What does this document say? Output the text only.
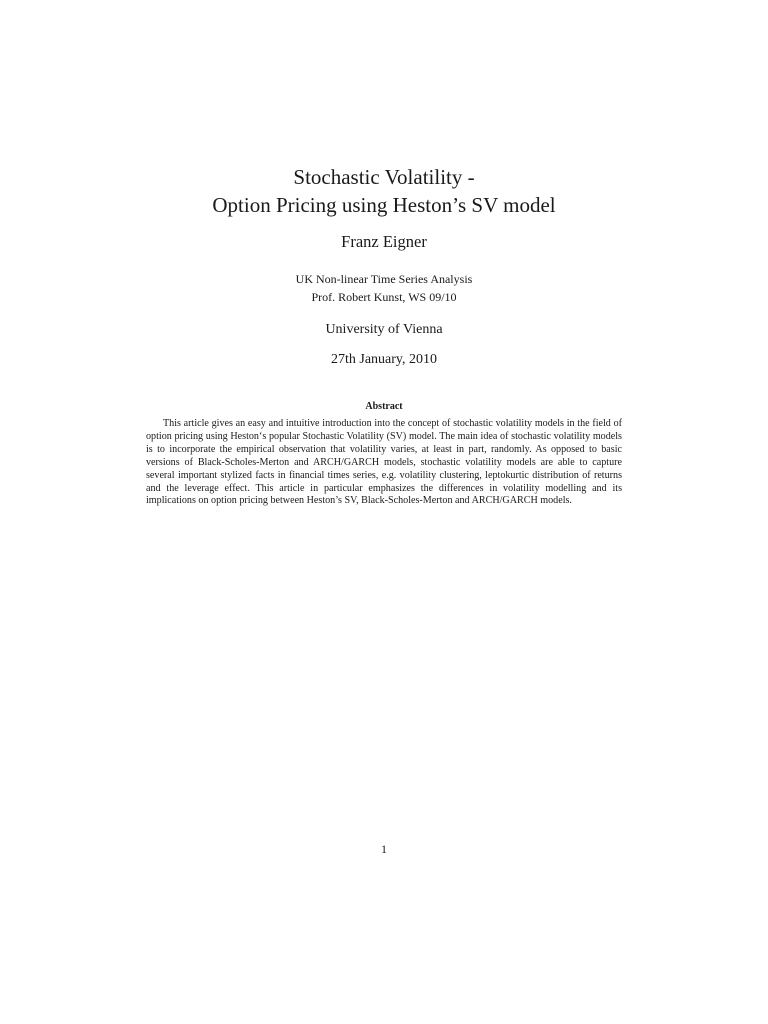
Stochastic Volatility -

Option Pricing using Heston’s SV model

Franz Eigner
UK Non-linear Time Series Analysis
Prof. Robert Kunst, WS 09/10
University of Vienna
27th January, 2010
Abstract

This article gives an easy and intuitive introduction into the concept of stochastic volatility models in the field of option pricing using Heston‘s popular Stochastic Volatility (SV) model. The main idea of stochastic volatility models is to incorporate the empirical observation that volatility varies, at least in part, randomly. As opposed to basic versions of Black-Scholes-Merton and ARCH/GARCH models, stochastic volatility models are able to capture several important stylized facts in financial times series, e.g. volatility clustering, leptokurtic distribution of returns and the leverage effect. This article in particular emphasizes the differences in volatility modelling and its implications on option pricing between Heston’s SV, Black-Scholes-Merton and ARCH/GARCH models.

1
